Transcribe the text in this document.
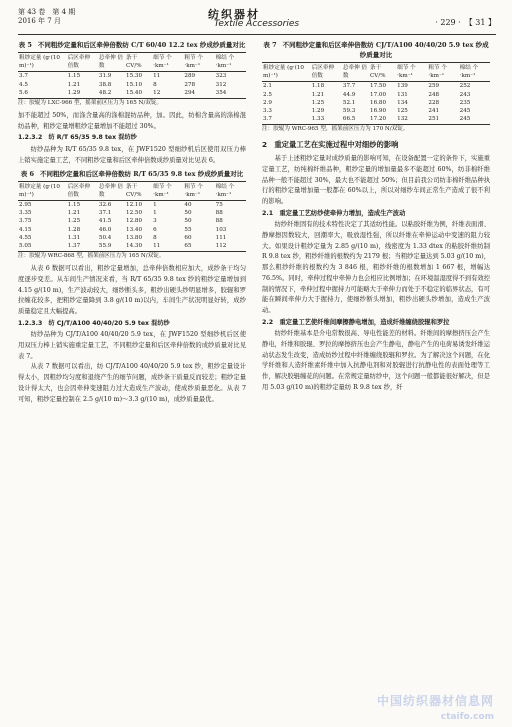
第 43 卷　第 4 期
2016 年 7 月	纺织器材
Textile Accessories	· 229 ·　【 31 】
表 5 不同粗纱定量和后区牵伸倍数纺 C/T 60/40 12.2 tex 纱成纱质量对比
粗纱定量 (g·(10 m)⁻¹)	后区牵伸 倍数	总牵伸 倍数	条干 CV/%	细节 个·km⁻¹	粗节 个·km⁻¹	棉结 个·km⁻¹
3.7	1.15	31.9	15.30	11	289	323
4.5	1.21	38.8	15.10	8	278	312
5.6	1.29	48.2	15.40	12	294	354
注：胶辊为 LXC-966 型，摇架前区压力为 165 N/双锭。

加不能超过 50%，而涤含量高的涤棉混纺品种，加。因此，纺棉含量高的涤棉混纺品种，粗纱定量增粗纱定量增加不能超过 30%。

1.2.3.2　纺 R/T 65/35 9.8 tex 混纺纱

纺纱品种为 R/T 65/35 9.8 tex，在 JWF1520 型细纱机后区使用双压力棒上销实施定量工艺，不同粗纱定量和后区牵伸倍数成纱质量对比见表 6。

表 6 不同粗纱定量和后区牵伸倍数纺 R/T 65/35 9.8 tex 纱成纱质量对比
粗纱定量 (g·(10 m)⁻¹)	后区牵伸 倍数	总牵伸 倍数	条干 CV/%	细节 个·km⁻¹	粗节 个·km⁻¹	棉结 个·km⁻¹
2.95	1.15	32.6	12.10	1	40	75
3.35	1.21	37.1	12.50	1	50	88
3.75	1.25	41.5	12.80	3	50	88
4.15	1.28	46.0	13.40	6	55	103
4.55	1.31	50.4	13.80	8	60	111
5.05	1.37	55.9	14.30	11	65	112
注：胶辊为 WRC-868 型，摇架前区压力为 165 N/双锭。

从表 6 数据可以看出，粗纱定量增加，总牵伸倍数相应加大，成纱条干均匀度逐步变差。从车间生产情况来看，当 R/T 65/35 9.8 tex 纱的粗纱定量增加到 4.15 g/(10 m)，生产波动较大，细纱断头多，粗纱出硬头纱明显增多，胶辊和罗拉缠花较多，把粗纱定量降到 3.8 g/(10 m)以内，车间生产状况明显好转，成纱质量稳定且大幅提高。

1.2.3.3　纺 CJ/T/A100 40/40/20 5.9 tex 混纺纱

纺纱品种为 CJ/T/A100 40/40/20 5.9 tex，在 JWF1520 型细纱机后区使用双压力棒上销实施重定量工艺，不同粗纱定量和后区牵伸倍数的成纱质量对比见表 7。

从表 7 数据可以看出，纺 CJ/T/A100 40/40/20 5.9 tex 纱，粗纱定量设计得太小，因粗纱均匀度和退绕产生的细节问题，成纱条干质量反而较差；粗纱定量设计得太大，也会因牵伸变速阻力过大造成生产波动，使成纱质量恶化。从表 7 可知，粗纱定量控制在 2.5 g/(10 m)～3.3 g/(10 m)，成纱质量最优。

表 7 不同粗纱定量和后区牵伸倍数纺 CJ/T/A100 40/40/20 5.9 tex 纱成纱质量对比
粗纱定量 (g·(10 m)⁻¹)	后区牵伸 倍数	总牵伸 倍数	条干 CV/%	细节 个·km⁻¹	粗节 个·km⁻¹	棉结 个·km⁻¹
2.1	1.18	37.7	17.50	139	259	252
2.5	1.21	44.9	17.00	131	248	243
2.9	1.25	52.1	16.80	134	228	235
3.3	1.29	59.3	16.90	125	241	245
3.7	1.33	66.5	17.20	132	251	245
注：胶辊为 WRC-965 型，摇架前区压力为 170 N/双锭。
2　重定量工艺在实施过程中对细纱的影响

基于上述粗纱定量对成纱质量的影响可知，在设备配置一定的条件下，实施重定量工艺，纺纯棉纤维品种，粗纱定量的增加量最多不能超过 60%，纺非棉纤维品种一般不能超过 30%，最大也不能超过 50%；但目前我公司纺非棉纤维品种执行的粗纱定量增加量一般都在 60%以上，所以对细纱车间正常生产造成了很不利的影响。

2.1　重定量工艺纺纱使牵伸力增加，造成生产波动

纺纱纤维固有的技术特性决定了其适纺性能。以粘胶纤维为例，纤维表面滑、静摩擦因数较大，回潮率大，吸放湿性强，所以纤维在牵伸运动中变速的阻力较大。如果设计粗纱定量为 2.85 g/(10 m)，线密度为 1.33 dtex 的粘胶纤维纺制 R 9.8 tex 纱，粗纱纤维的根数约为 2179 根；当粗纱定量达到 5.03 g/(10 m)，那么粗纱纤维的根数约为 3 846 根，粗纱纤维的根数增加 1 667 根，增幅达 76.5%。同时，牵伸过程中牵伸力也会相应比例增加；在环境温湿度得不到有效控制的情况下，牵伸过程中握持力可能略大于牵伸力而处于不稳定的临界状态，有可能在瞬间牵伸力大于握持力，使细纱断头增加，粗纱出硬头纱增加，造成生产波动。

2.2　重定量工艺使纤维间摩擦静电增加，造成纤维缠绕胶辊和罗拉

纺纱纤维基本是介电常数很高、导电性能差的材料。纤维间的摩擦挤压会产生静电，纤维和胶辊、罗拉的摩擦挤压也会产生静电，静电产生的电荷易诱发纤维运动状态发生改变，造成纺纱过程中纤维缠绕胶辊和罗拉。为了解决这个问题，在化学纤维和人造纤维素纤维中加入抗静电剂和对胶辊进行抗静电性的表面处理等工作，解决胶辊缠花的问题。在常规定量纺纱中，这个问题一般都能很好解决，但是用 5.03 g/(10 m)的粗纱定量纺 R 9.8 tex 纱，纤

中国纺织器材信息网
ctaifo.com
